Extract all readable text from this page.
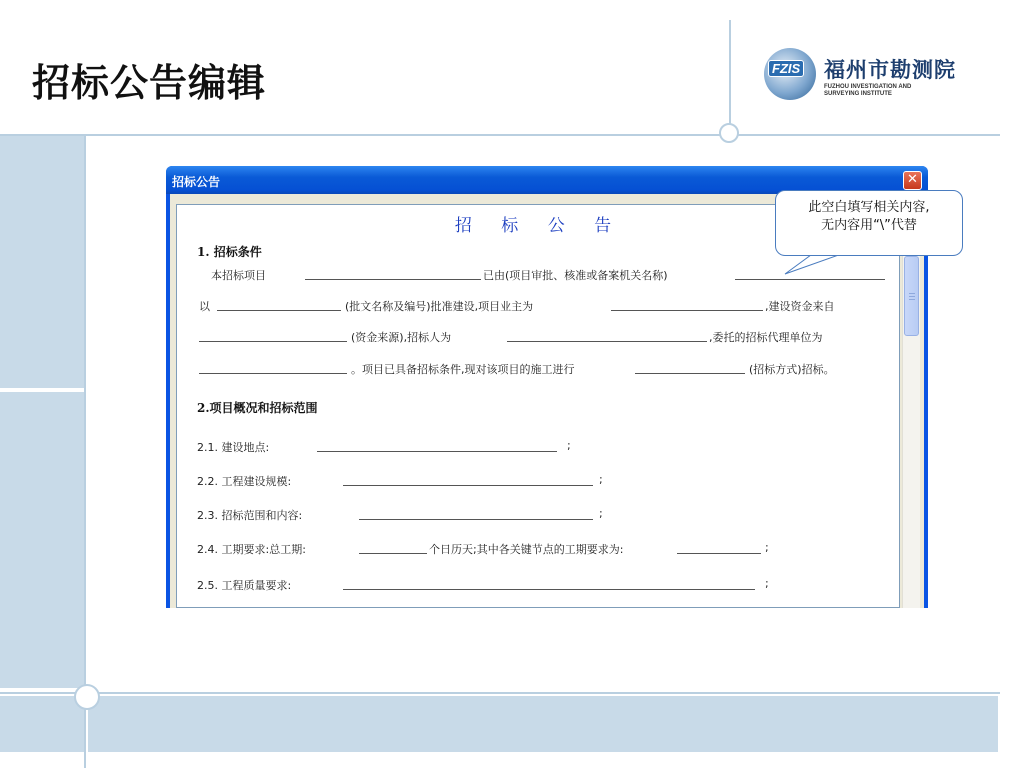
招标公告编辑	FZIS 福州市勘测院
FUZHOU INVESTIGATION AND
SURVEYING INSTITUTE
招标公告	✕
招 标 公 告
1. 招标条件
本招标项目	已由(项目审批、核准或备案机关名称)
以	(批文名称及编号)批准建设,项目业主为	,建设资金来自
(资金来源),招标人为	,委托的招标代理单位为
。项目已具备招标条件,现对该项目的施工进行	(招标方式)招标。
2.项目概况和招标范围
2.1. 建设地点:	;
2.2. 工程建设规模:	;
2.3. 招标范围和内容:	;
2.4. 工期要求:总工期:	个日历天;其中各关键节点的工期要求为:	;
2.5. 工程质量要求:	;
此空白填写相关内容,
无内容用“\”代替
